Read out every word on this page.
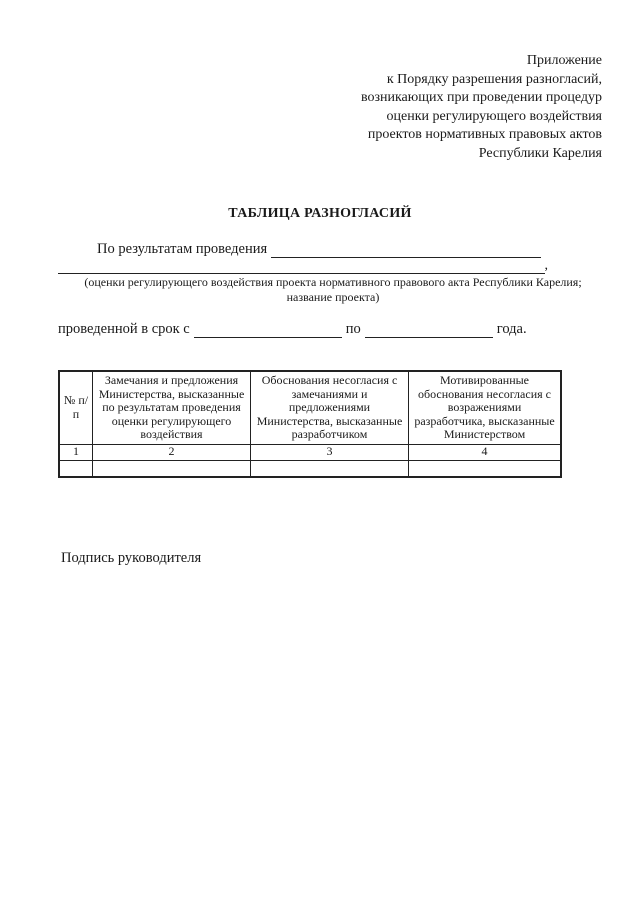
Приложение
к Порядку разрешения разногласий,
возникающих при проведении процедур
оценки регулирующего воздействия
проектов нормативных правовых актов
Республики Карелия
ТАБЛИЦА РАЗНОГЛАСИЙ
По результатам проведения
,
(оценки регулирующего воздействия проекта нормативного правового акта Республики Карелия;
название проекта)
проведенной в срок с	по	года.
№ п/п	Замечания и предложения Министерства, высказанные по результатам проведения оценки регулирующего воздействия	Обоснования несогласия с замечаниями и предложениями Министерства, высказанные разработчиком	Мотивированные обоснования несогласия с возражениями разработчика, высказанные Министерством
1	2	3	4

Подпись руководителя
